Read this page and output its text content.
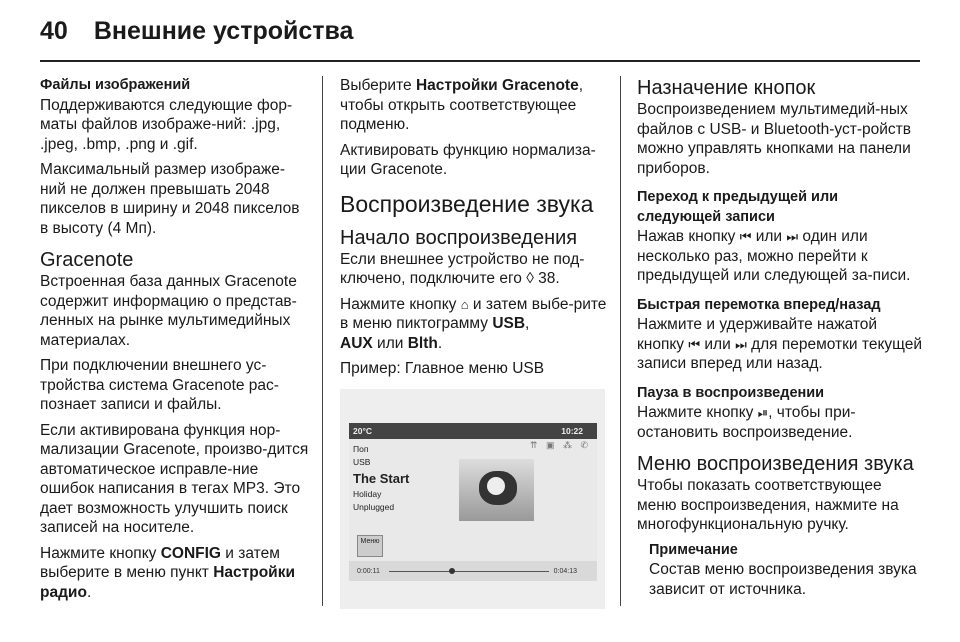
40 Внешние устройства

Файлы изображений

Поддерживаются следующие фор-маты файлов изображе-ний: .jpg, .jpeg, .bmp, .png и .gif.

Максимальный размер изображе-ний не должен превышать 2048 пикселов в ширину и 2048 пикселов в высоту (4 Мп).

Gracenote

Встроенная база данных Gracenote содержит информацию о представ-ленных на рынке мультимедийных материалах.

При подключении внешнего ус-тройства система Gracenote рас-познает записи и файлы.

Если активирована функция нор-мализации Gracenote, произво-дится автоматическое исправле-ние ошибок написания в тегах MP3. Это дает возможность улучшить поиск записей на носителе.

Нажмите кнопку CONFIG и затем выберите в меню пункт Настройки радио.

Выберите Настройки Gracenote, чтобы открыть соответствующее подменю.

Активировать функцию нормализа-ции Gracenote.

Воспроизведение звука

Начало воспроизведения

Если внешнее устройство не под-ключено, подключите его ◊ 38.

Нажмите кнопку ⌂ и затем выбе-рите в меню пиктограмму USB,
AUX или Blth.

Пример: Главное меню USB

20°C	10:22
⇈ ▣ ⁂ ✆
Поп
USB
The Start
Holiday
Unplugged
Меню
0:00:11	0:04:13

Назначение кнопок

Воспроизведением мультимедий-ных файлов с USB- и Bluetooth-уст-ройств можно управлять кнопками на панели приборов.

Переход к предыдущей или следующей записи

Нажав кнопку ⏮ или ⏭ один или несколько раз, можно перейти к предыдущей или следующей за-писи.

Быстрая перемотка вперед/назад

Нажмите и удерживайте нажатой кнопку ⏮ или ⏭ для перемотки текущей записи вперед или назад.

Пауза в воспроизведении

Нажмите кнопку ⏯, чтобы при-остановить воспроизведение.

Меню воспроизведения звука

Чтобы показать соответствующее меню воспроизведения, нажмите на многофункциональную ручку.

Примечание

Состав меню воспроизведения звука зависит от источника.
